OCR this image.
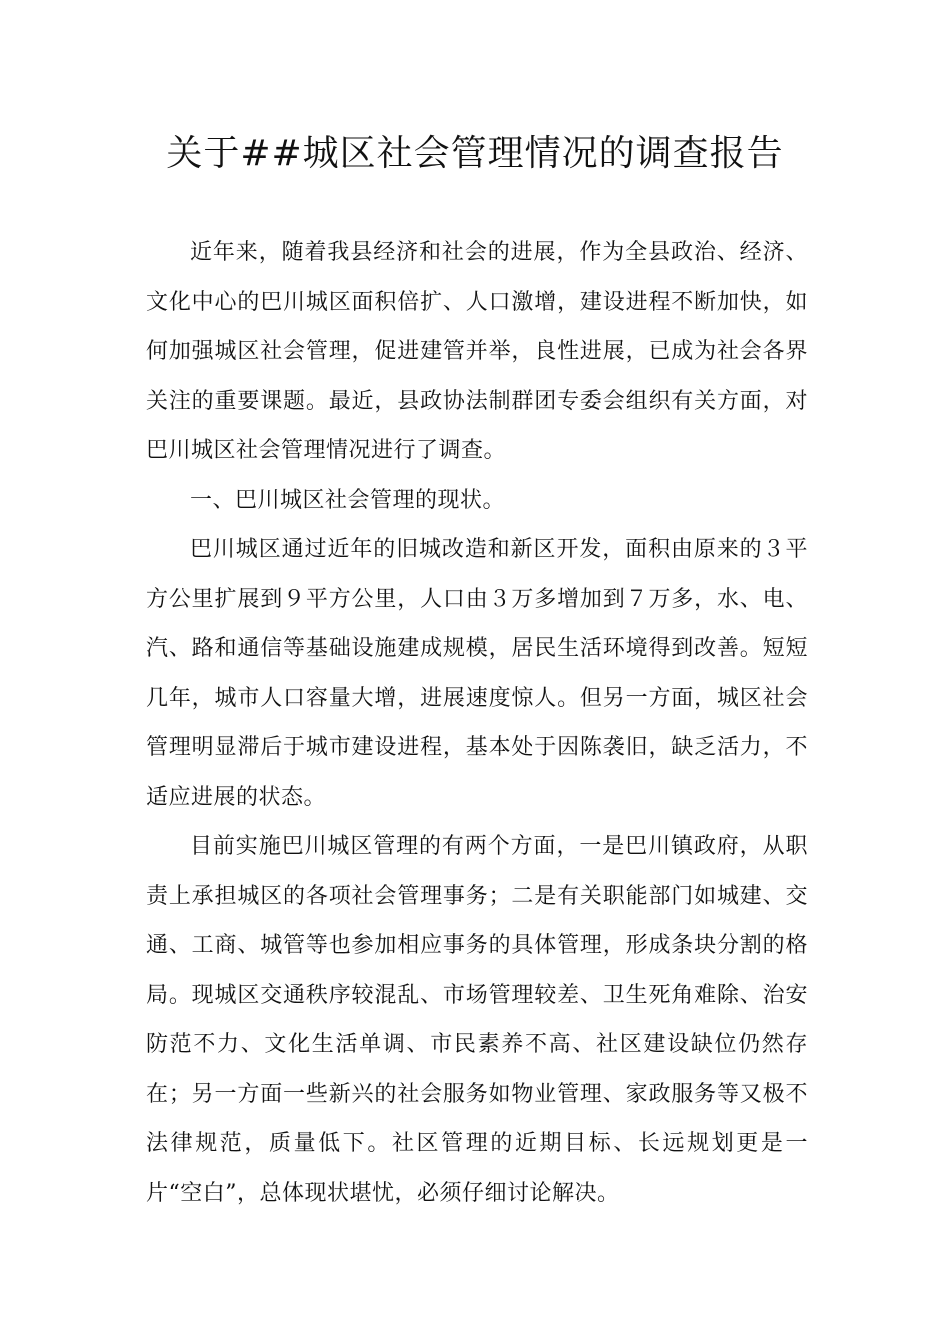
关于##城区社会管理情况的调查报告

近年来，随着我县经济和社会的进展，作为全县政治、经济、文化中心的巴川城区面积倍扩、人口激增，建设进程不断加快，如何加强城区社会管理，促进建管并举，良性进展，已成为社会各界关注的重要课题。最近，县政协法制群团专委会组织有关方面，对巴川城区社会管理情况进行了调查。

一、巴川城区社会管理的现状。

巴川城区通过近年的旧城改造和新区开发，面积由原来的３平方公里扩展到９平方公里，人口由３万多增加到７万多，水、电、汽、路和通信等基础设施建成规模，居民生活环境得到改善。短短几年，城市人口容量大增，进展速度惊人。但另一方面，城区社会管理明显滞后于城市建设进程，基本处于因陈袭旧，缺乏活力，不适应进展的状态。

目前实施巴川城区管理的有两个方面，一是巴川镇政府，从职责上承担城区的各项社会管理事务；二是有关职能部门如城建、交通、工商、城管等也参加相应事务的具体管理，形成条块分割的格局。现城区交通秩序较混乱、市场管理较差、卫生死角难除、治安防范不力、文化生活单调、市民素养不高、社区建设缺位仍然存在；另一方面一些新兴的社会服务如物业管理、家政服务等又极不法律规范，质量低下。社区管理的近期目标、长远规划更是一片“空白”，总体现状堪忧，必须仔细讨论解决。
